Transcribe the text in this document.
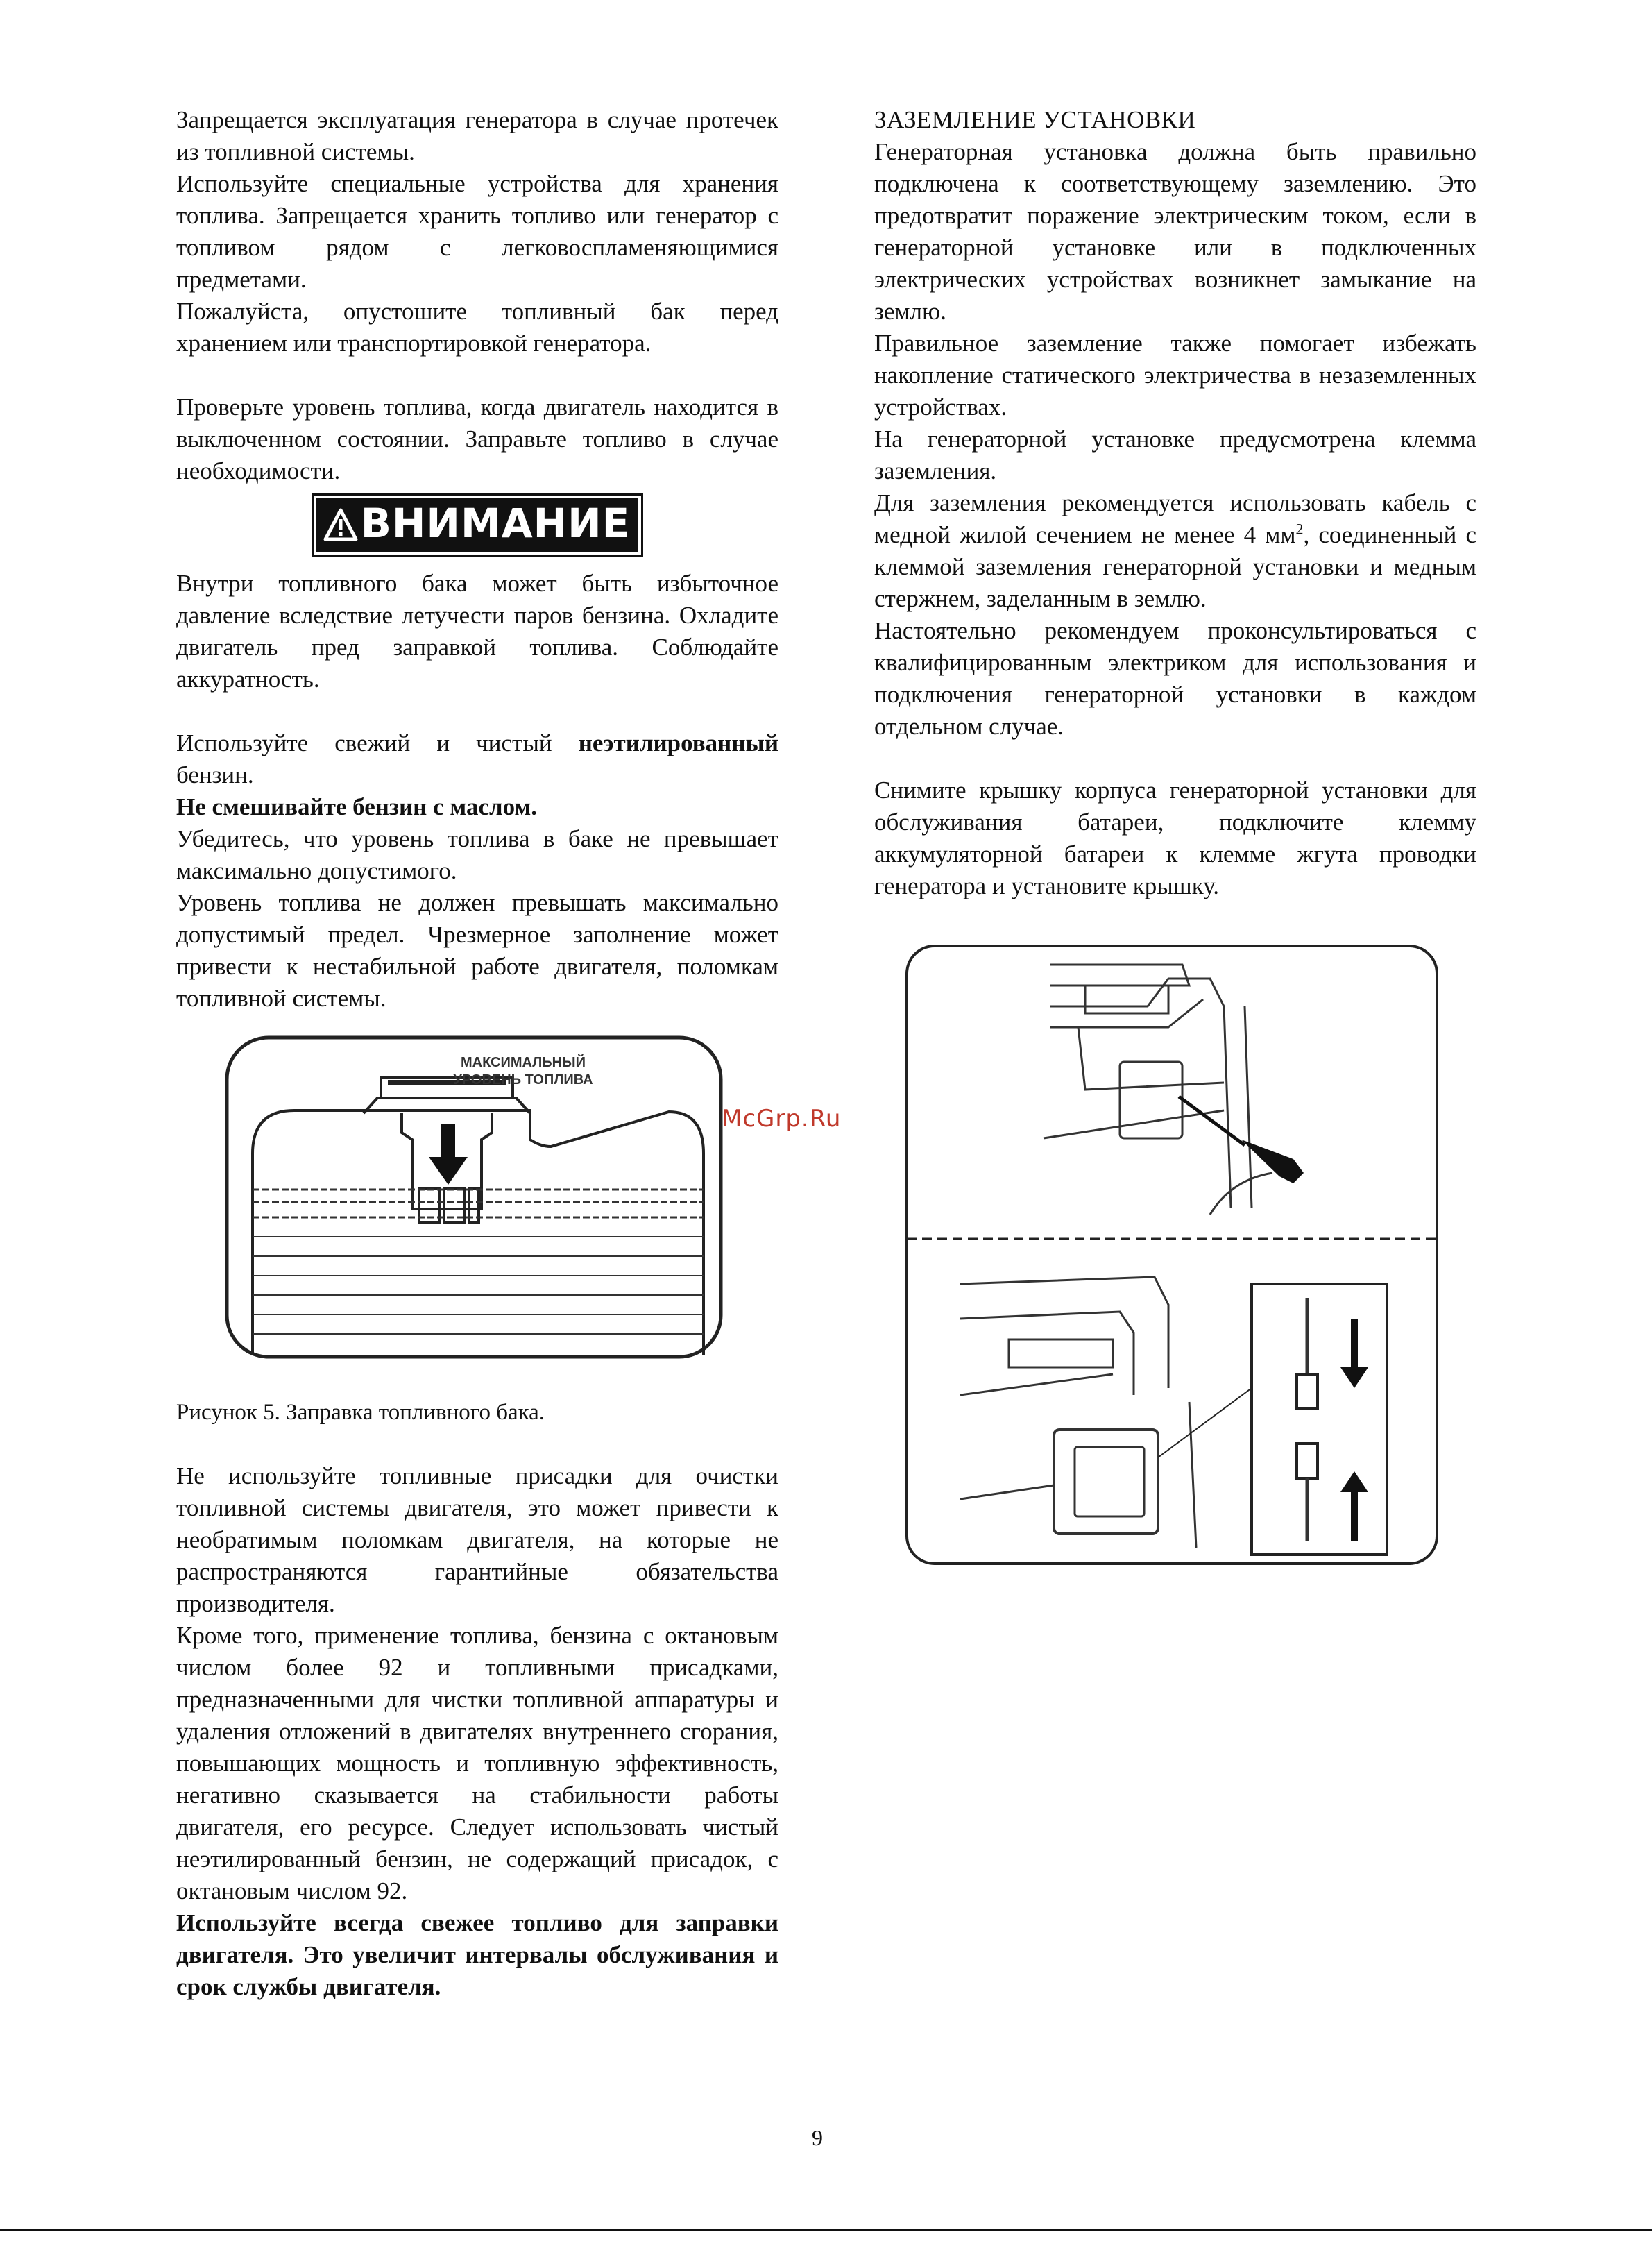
Запрещается эксплуатация генератора в случае протечек из топливной системы.

Используйте специальные устройства для хранения топлива. Запрещается хранить топливо или генератор с топливом рядом с легковоспламеняющимися предметами.

Пожалуйста, опустошите топливный бак перед хранением или транспортировкой генератора.

Проверьте уровень топлива, когда двигатель находится в выключенном состоянии. Заправьте топливо в случае необходимости.

ВНИМАНИЕ

Внутри топливного бака может быть избыточное давление вследствие летучести паров бензина. Охладите двигатель пред заправкой топлива. Соблюдайте аккуратность.

Используйте свежий и чистый неэтилированный бензин.

Не смешивайте бензин с маслом.

Убедитесь, что уровень топлива в баке не превышает максимально допустимого.

Уровень топлива не должен превышать максимально допустимый предел. Чрезмерное заполнение может привести к нестабильной работе двигателя, поломкам топливной системы.

МАКСИМАЛЬНЫЙ
УРОВЕНЬ ТОПЛИВА

Рисунок 5. Заправка топливного бака.

Не используйте топливные присадки для очистки топливной системы двигателя, это может привести к необратимым поломкам двигателя, на которые не распространяются гарантийные обязательства производителя.

Кроме того, применение топлива, бензина с октановым числом более 92 и топливными присадками, предназначенными для чистки топливной аппаратуры и удаления отложений в двигателях внутреннего сгорания, повышающих мощность и топливную эффективность, негативно сказывается на стабильности работы двигателя, его ресурсе. Следует использовать чистый неэтилированный бензин, не содержащий присадок, с октановым числом 92.

Используйте всегда свежее топливо для заправки двигателя. Это увеличит интервалы обслуживания и срок службы двигателя.

ЗАЗЕМЛЕНИЕ УСТАНОВКИ

Генераторная установка должна быть правильно подключена к соответствующему заземлению. Это предотвратит поражение электрическим током, если в генераторной установке или в подключенных электрических устройствах возникнет замыкание на землю.

Правильное заземление также помогает избежать накопление статического электричества в незаземленных устройствах.

На генераторной установке предусмотрена клемма заземления.

Для заземления рекомендуется использовать кабель с медной жилой сечением не менее 4 $мм^2$, соединенный с клеммой заземления генераторной установки и медным стержнем, заделанным в землю.

Настоятельно рекомендуем проконсультироваться с квалифицированным электриком для использования и подключения генераторной установки в каждом отдельном случае.

Снимите крышку корпуса генераторной установки для обслуживания батареи, подключите клемму аккумуляторной батареи к клемме жгута проводки генератора и установите крышку.

McGrp.Ru
9
